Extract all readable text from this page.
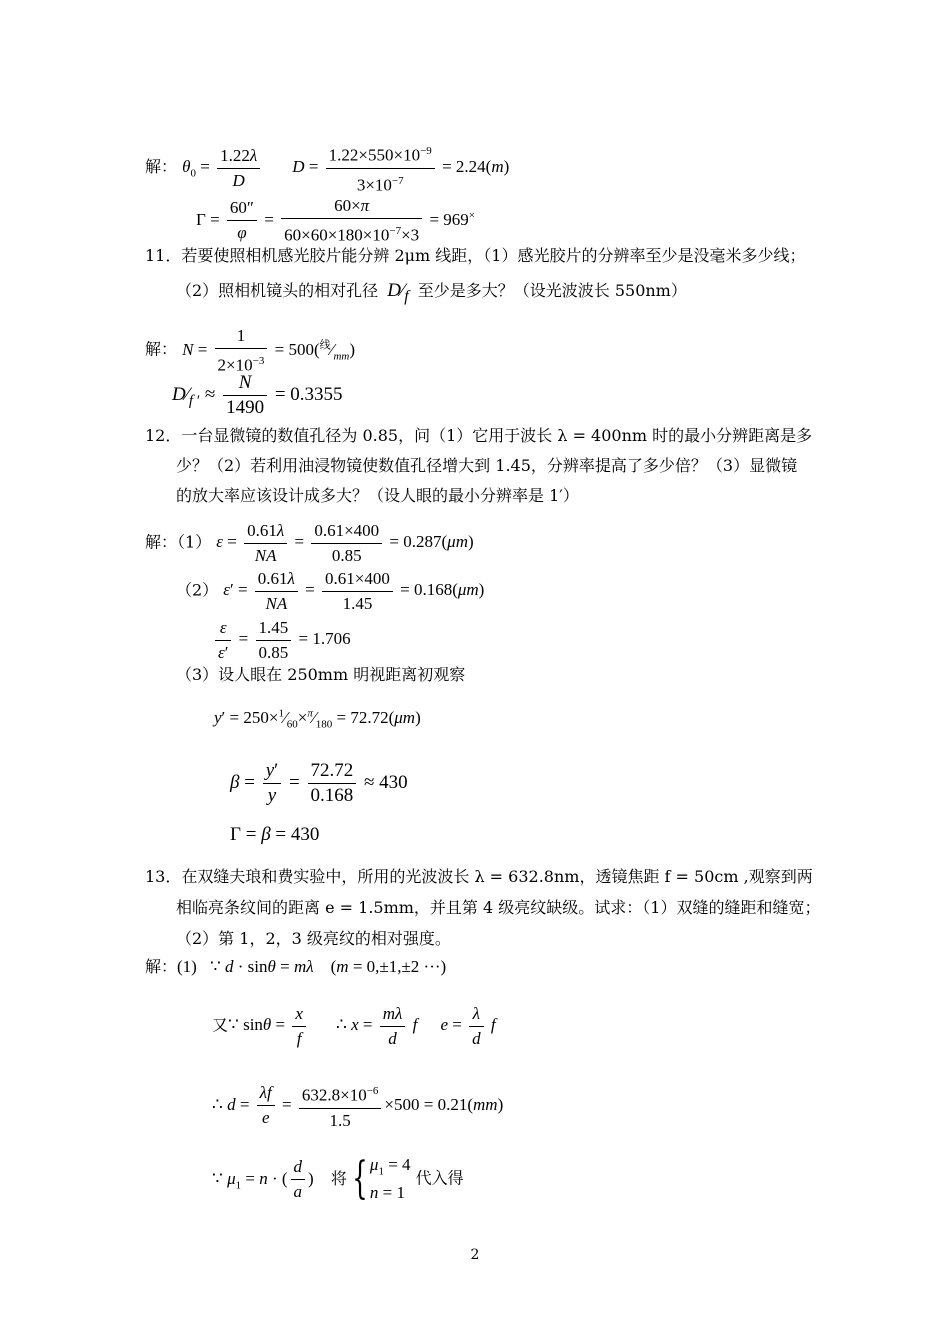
解： $\theta_0 = \frac{1.22\lambda}{D}$ $D = \frac{1.22\times 550\times 10^{-9}}{3\times 10^{-7}} = 2.24(m)$
$\Gamma = \frac{60''}{\varphi} = \frac{60\times\pi}{60\times 60\times 180\times 10^{-7}\times 3} = 969^\times$
11．若要使照相机感光胶片能分辨 2μm 线距，（1）感光胶片的分辨率至少是没毫米多少线；
（2）照相机镜头的相对孔径 $D⁄_f$ 至少是多大？（设光波波长 550nm）
解： $N = \frac{1}{2\times 10^{-3}}$ = $500(^线⁄_{mm})$
$D⁄_{f '} \approx \frac{N}{1490} = 0.3355$
12．一台显微镜的数值孔径为 0.85，问（1）它用于波长 λ = 400nm 时的最小分辨距离是多
少？（2）若利用油浸物镜使数值孔径增大到 1.45，分辨率提高了多少倍？（3）显微镜
的放大率应该设计成多大？（设人眼的最小分辨率是 1′）
解：（1） $\varepsilon = \frac{0.61\lambda}{NA} = \frac{0.61\times 400}{0.85} = 0.287(\mu m)$
（2） $\varepsilon' = \frac{0.61\lambda}{NA} = \frac{0.61\times 400}{1.45} = 0.168(\mu m)$
$\frac{\varepsilon}{\varepsilon'} = \frac{1.45}{0.85} = 1.706$
（3）设人眼在 250mm 明视距离初观察
$y' = 250\times^1⁄_{60}\times^\pi⁄_{180} = 72.72(\mu m)$
$\beta = \frac{y'}{y} = \frac{72.72}{0.168} \approx 430$
Γ = β = 430
13．在双缝夫琅和费实验中，所用的光波波长 λ = 632.8nm，透镜焦距 f = 50cm ,观察到两
相临亮条纹间的距离 e = 1.5mm，并且第 4 级亮纹缺级。试求：（1）双缝的缝距和缝宽；
（2）第 1，2，3 级亮纹的相对强度。
解：(1) ∵ d · sinθ = mλ    (m = 0,±1,±2 ···)
又∵ $\sin\theta = \frac{x}{f}$ ∴ $x = \frac{m\lambda}{d}$ f $e = \frac{\lambda}{d}$ f
∴ $d = \frac{\lambda f}{e} = \frac{632.8\times 10^{-6}}{1.5} \times 500 = 0.21(mm)$
∵ $\mu_1 = n$ · ( $\frac{d}{a}$ ) 将 { $\mu_1 = 4$
n = 1
代入得
2
